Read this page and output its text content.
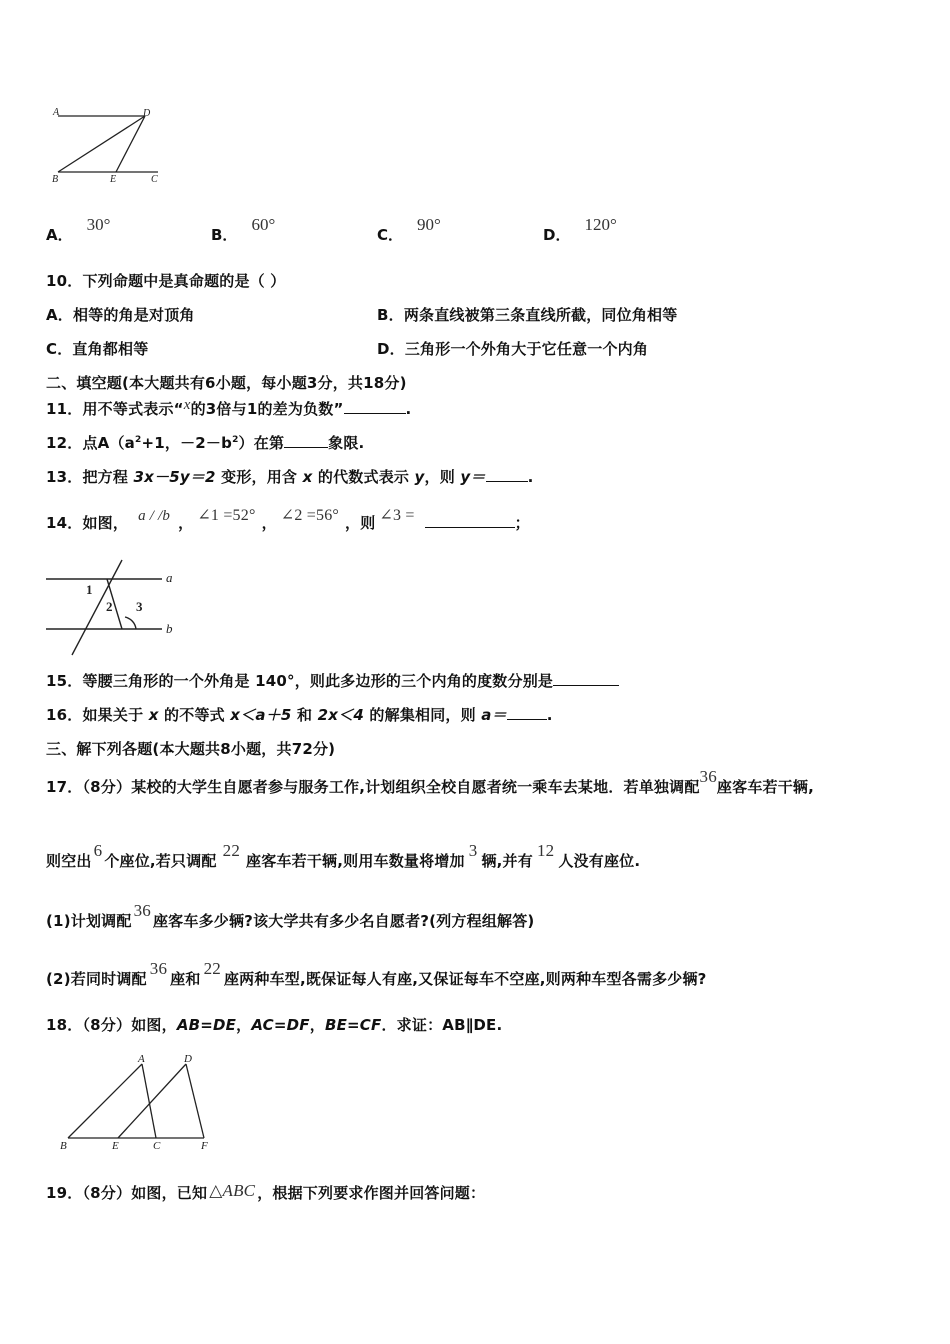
A	D
B	E	C
A．30°
B．60°
C．90°
D．120°
10．下列命题中是真命题的是（ ）
A．相等的角是对顶角	B．两条直线被第三条直线所截，同位角相等
C．直角都相等	D．三角形一个外角大于它任意一个内角
二、填空题(本大题共有6小题，每小题3分，共18分)
11．用不等式表示“x的3倍与1的差为负数”	.
12．点$A(a^2+1$，$-2-b^2$）在第	象限.
13．把方程 3x－5y＝2 变形，用含 x 的代数式表示 y，则 y＝	.
14．如图， a / /b ， ∠1 =52° ， ∠2 =56° ，则 ∠3 =	；
a
b
1
2 3
15．等腰三角形的一个外角是 140°，则此多边形的三个内角的度数分别是
16．如果关于 x 的不等式 x＜a＋5 和 2x＜4 的解集相同，则 a＝	.
三、解下列各题(本大题共8小题，共72分)
17．（8分）某校的大学生自愿者参与服务工作,计划组织全校自愿者统一乘车去某地．若单独调配36座客车若干辆,
则空出6个座位,若只调配22座客车若干辆,则用车数量将增加3辆,并有12人没有座位.
(1)计划调配36座客车多少辆?该大学共有多少名自愿者?(列方程组解答)
(2)若同时调配36座和22座两种车型,既保证每人有座,又保证每车不空座,则两种车型各需多少辆?
18．（8分）如图，AB=DE，AC=DF，BE=CF．求证：AB∥DE.
A	D
B	E	C	F
19．（8分）如图，已知 △ABC ，根据下列要求作图并回答问题：
